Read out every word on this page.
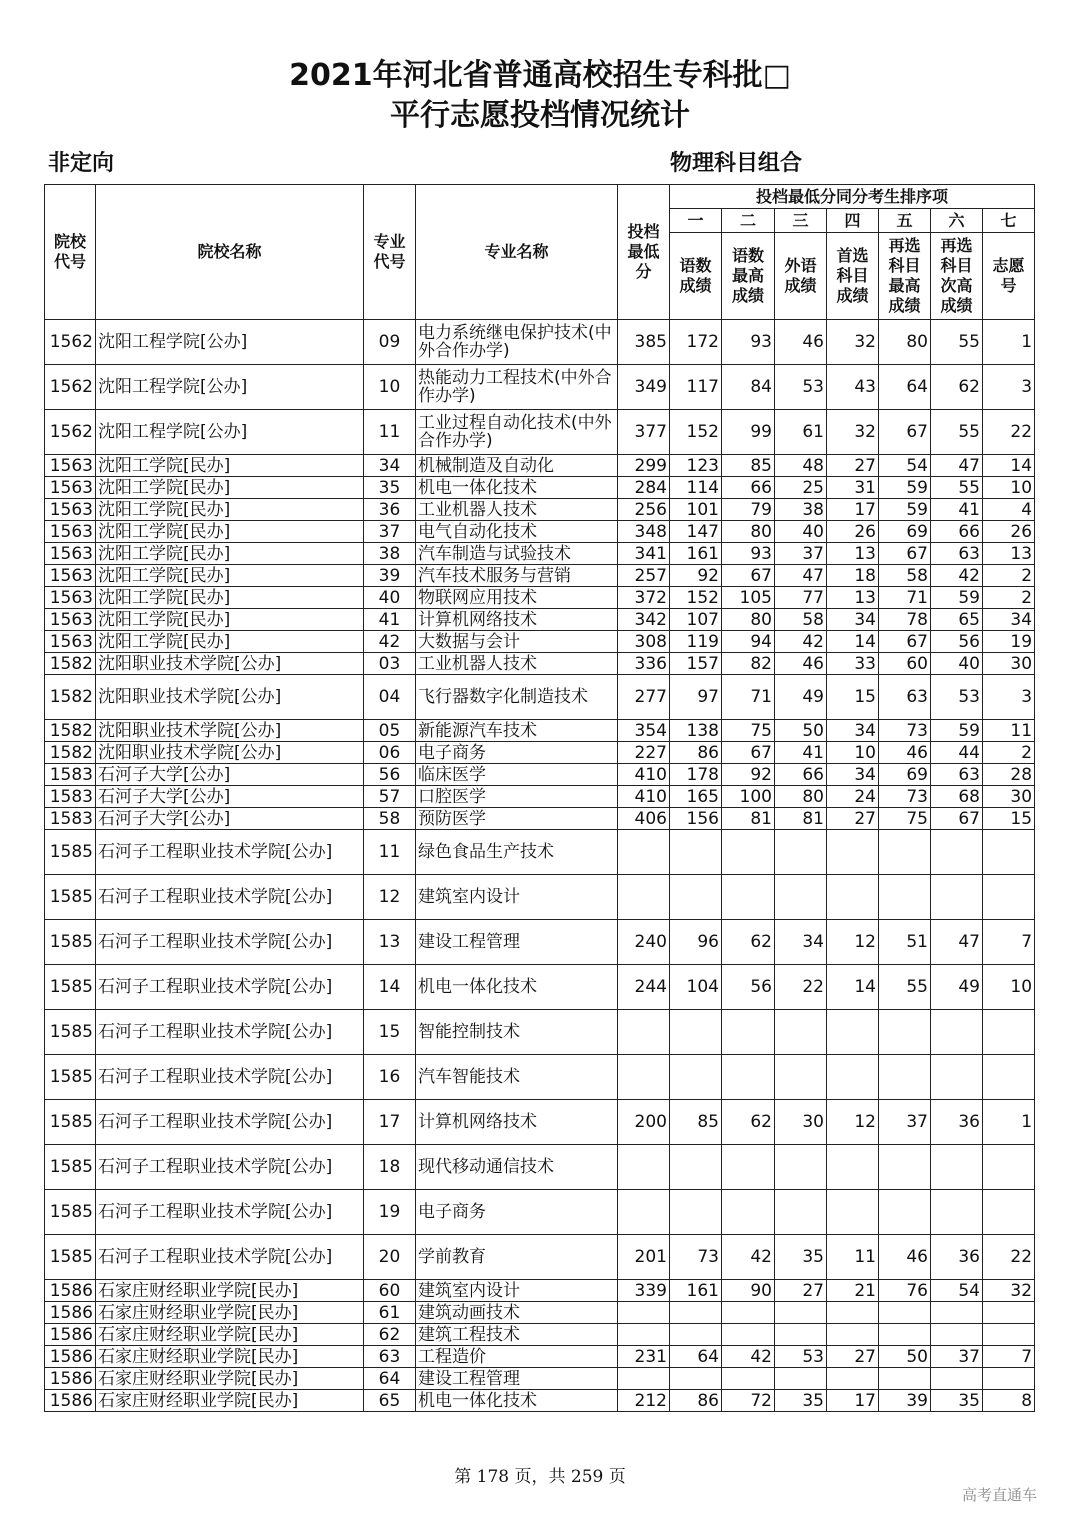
2021年河北省普通高校招生专科批□
平行志愿投档情况统计
非定向	物理科目组合
院校代号	院校名称	专业代号	专业名称	投档最低分	投档最低分同分考生排序项						
					一	二	三	四	五	六	七
					语数成绩	语数最高成绩	外语成绩	首选科目成绩	再选科目最高成绩	再选科目次高成绩	志愿号
1562	沈阳工程学院[公办]	09	电力系统继电保护技术(中外合作办学)	385	172	93	46	32	80	55	1
1562	沈阳工程学院[公办]	10	热能动力工程技术(中外合作办学)	349	117	84	53	43	64	62	3
1562	沈阳工程学院[公办]	11	工业过程自动化技术(中外合作办学)	377	152	99	61	32	67	55	22
1563	沈阳工学院[民办]	34	机械制造及自动化	299	123	85	48	27	54	47	14
1563	沈阳工学院[民办]	35	机电一体化技术	284	114	66	25	31	59	55	10
1563	沈阳工学院[民办]	36	工业机器人技术	256	101	79	38	17	59	41	4
1563	沈阳工学院[民办]	37	电气自动化技术	348	147	80	40	26	69	66	26
1563	沈阳工学院[民办]	38	汽车制造与试验技术	341	161	93	37	13	67	63	13
1563	沈阳工学院[民办]	39	汽车技术服务与营销	257	92	67	47	18	58	42	2
1563	沈阳工学院[民办]	40	物联网应用技术	372	152	105	77	13	71	59	2
1563	沈阳工学院[民办]	41	计算机网络技术	342	107	80	58	34	78	65	34
1563	沈阳工学院[民办]	42	大数据与会计	308	119	94	42	14	67	56	19
1582	沈阳职业技术学院[公办]	03	工业机器人技术	336	157	82	46	33	60	40	30
1582	沈阳职业技术学院[公办]	04	飞行器数字化制造技术	277	97	71	49	15	63	53	3
1582	沈阳职业技术学院[公办]	05	新能源汽车技术	354	138	75	50	34	73	59	11
1582	沈阳职业技术学院[公办]	06	电子商务	227	86	67	41	10	46	44	2
1583	石河子大学[公办]	56	临床医学	410	178	92	66	34	69	63	28
1583	石河子大学[公办]	57	口腔医学	410	165	100	80	24	73	68	30
1583	石河子大学[公办]	58	预防医学	406	156	81	81	27	75	67	15
1585	石河子工程职业技术学院[公办]	11	绿色食品生产技术								
1585	石河子工程职业技术学院[公办]	12	建筑室内设计								
1585	石河子工程职业技术学院[公办]	13	建设工程管理	240	96	62	34	12	51	47	7
1585	石河子工程职业技术学院[公办]	14	机电一体化技术	244	104	56	22	14	55	49	10
1585	石河子工程职业技术学院[公办]	15	智能控制技术								
1585	石河子工程职业技术学院[公办]	16	汽车智能技术								
1585	石河子工程职业技术学院[公办]	17	计算机网络技术	200	85	62	30	12	37	36	1
1585	石河子工程职业技术学院[公办]	18	现代移动通信技术								
1585	石河子工程职业技术学院[公办]	19	电子商务								
1585	石河子工程职业技术学院[公办]	20	学前教育	201	73	42	35	11	46	36	22
1586	石家庄财经职业学院[民办]	60	建筑室内设计	339	161	90	27	21	76	54	32
1586	石家庄财经职业学院[民办]	61	建筑动画技术								
1586	石家庄财经职业学院[民办]	62	建筑工程技术								
1586	石家庄财经职业学院[民办]	63	工程造价	231	64	42	53	27	50	37	7
1586	石家庄财经职业学院[民办]	64	建设工程管理								
1586	石家庄财经职业学院[民办]	65	机电一体化技术	212	86	72	35	17	39	35	8
第 178 页，共 259 页
高考直通车
